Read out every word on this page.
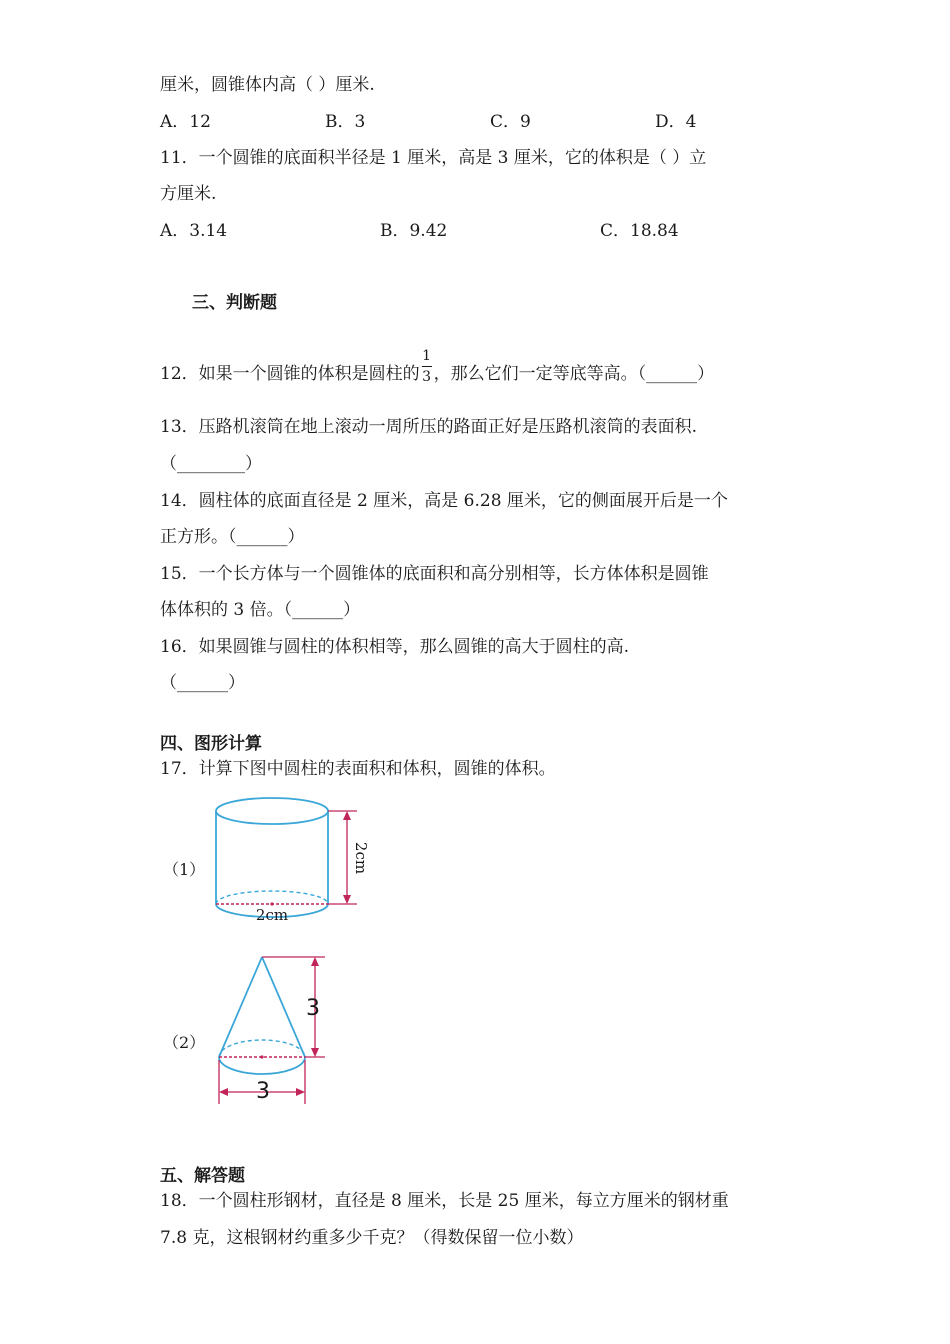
厘米，圆锥体内高（ ）厘米.
A．12	B．3	C．9	D．4
11．一个圆锥的底面积半径是 1 厘米，高是 3 厘米，它的体积是（ ）立
方厘米.
A．3.14	B．9.42	C．18.84
三、判断题
12．如果一个圆锥的体积是圆柱的 $\frac{1}{3}$ ，那么它们一定等底等高。（______）
13．压路机滚筒在地上滚动一周所压的路面正好是压路机滚筒的表面积.
（________）
14．圆柱体的底面直径是 2 厘米，高是 6.28 厘米，它的侧面展开后是一个
正方形。（______）
15．一个长方体与一个圆锥体的底面积和高分别相等，长方体体积是圆锥
体体积的 3 倍。（______）
16．如果圆锥与圆柱的体积相等，那么圆锥的高大于圆柱的高.
（______）
四、图形计算
17．计算下图中圆柱的表面积和体积，圆锥的体积。
（1）	2cm
2cm
（2）
3
3
五、解答题
18．一个圆柱形钢材，直径是 8 厘米，长是 25 厘米，每立方厘米的钢材重
7.8 克，这根钢材约重多少千克？（得数保留一位小数）
